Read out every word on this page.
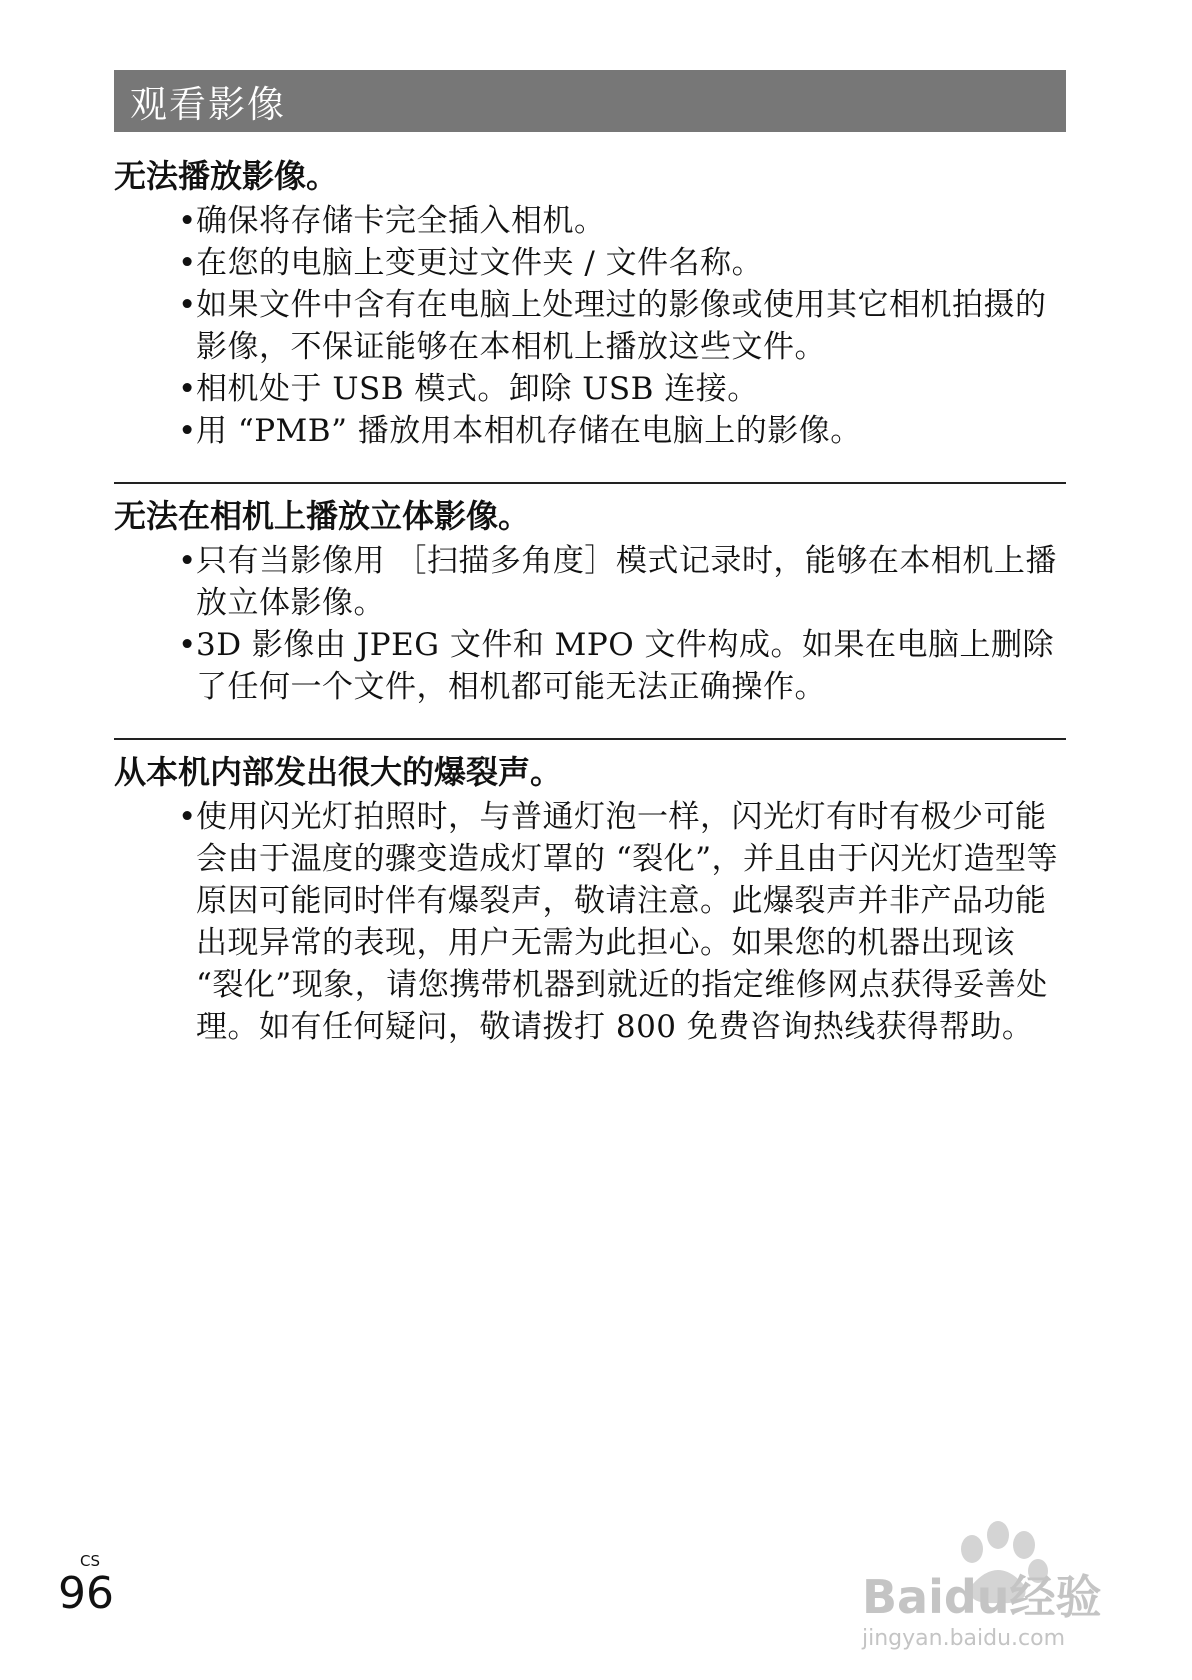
观看影像
无法播放影像。
• 确保将存储卡完全插入相机。
• 在您的电脑上变更过文件夹 / 文件名称。
• 如果文件中含有在电脑上处理过的影像或使用其它相机拍摄的影像，不保证能够在本相机上播放这些文件。
• 相机处于 USB 模式。卸除 USB 连接。
• 用 “PMB” 播放用本相机存储在电脑上的影像。
无法在相机上播放立体影像。
• 只有当影像用 ［扫描多角度］模式记录时，能够在本相机上播放立体影像。
• 3D 影像由 JPEG 文件和 MPO 文件构成。如果在电脑上删除了任何一个文件，相机都可能无法正确操作。
从本机内部发出很大的爆裂声。
• 使用闪光灯拍照时，与普通灯泡一样，闪光灯有时有极少可能会由于温度的骤变造成灯罩的 “裂化”，并且由于闪光灯造型等原因可能同时伴有爆裂声，敬请注意。此爆裂声并非产品功能出现异常的表现，用户无需为此担心。如果您的机器出现该 “裂化”现象，请您携带机器到就近的指定维修网点获得妥善处理。如有任何疑问，敬请拨打 800 免费咨询热线获得帮助。
CS
96	Baidu经验
jingyan.baidu.com
